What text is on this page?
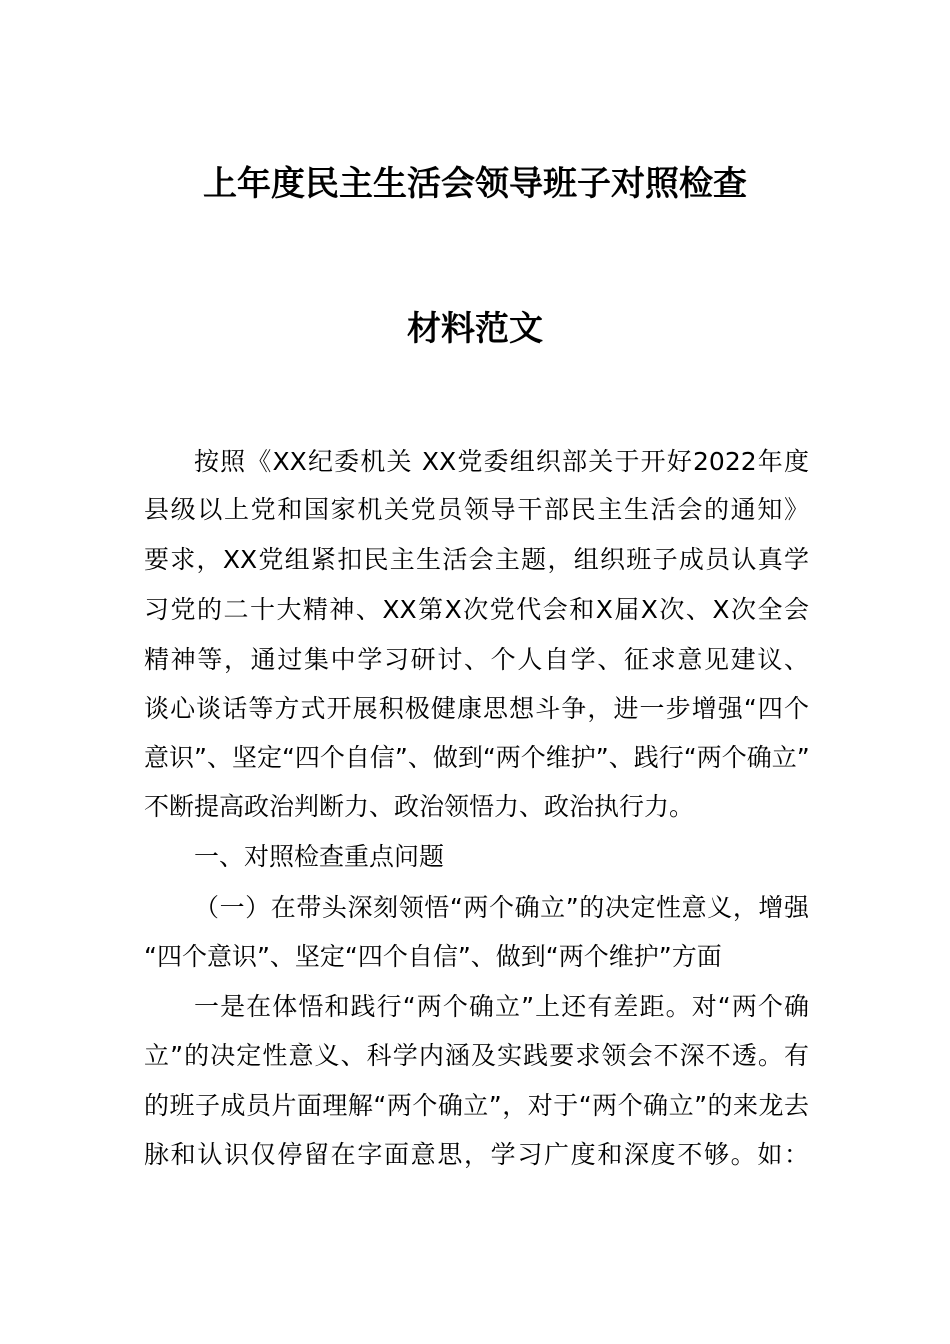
上年度民主生活会领导班子对照检查
材料范文
按照《XX纪委机关 XX党委组织部关于开好2022年度
县级以上党和国家机关党员领导干部民主生活会的通知》
要求，XX党组紧扣民主生活会主题，组织班子成员认真学
习党的二十大精神、XX第X次党代会和X届X次、X次全会
精神等，通过集中学习研讨、个人自学、征求意见建议、
谈心谈话等方式开展积极健康思想斗争，进一步增强“四个
意识”、坚定“四个自信”、做到“两个维护”、践行“两个确立”
不断提高政治判断力、政治领悟力、政治执行力。
一、对照检查重点问题
（一）在带头深刻领悟“两个确立”的决定性意义，增强
“四个意识”、坚定“四个自信”、做到“两个维护”方面
一是在体悟和践行“两个确立”上还有差距。对“两个确
立”的决定性意义、科学内涵及实践要求领会不深不透。有
的班子成员片面理解“两个确立”，对于“两个确立”的来龙去
脉和认识仅停留在字面意思，学习广度和深度不够。如：
